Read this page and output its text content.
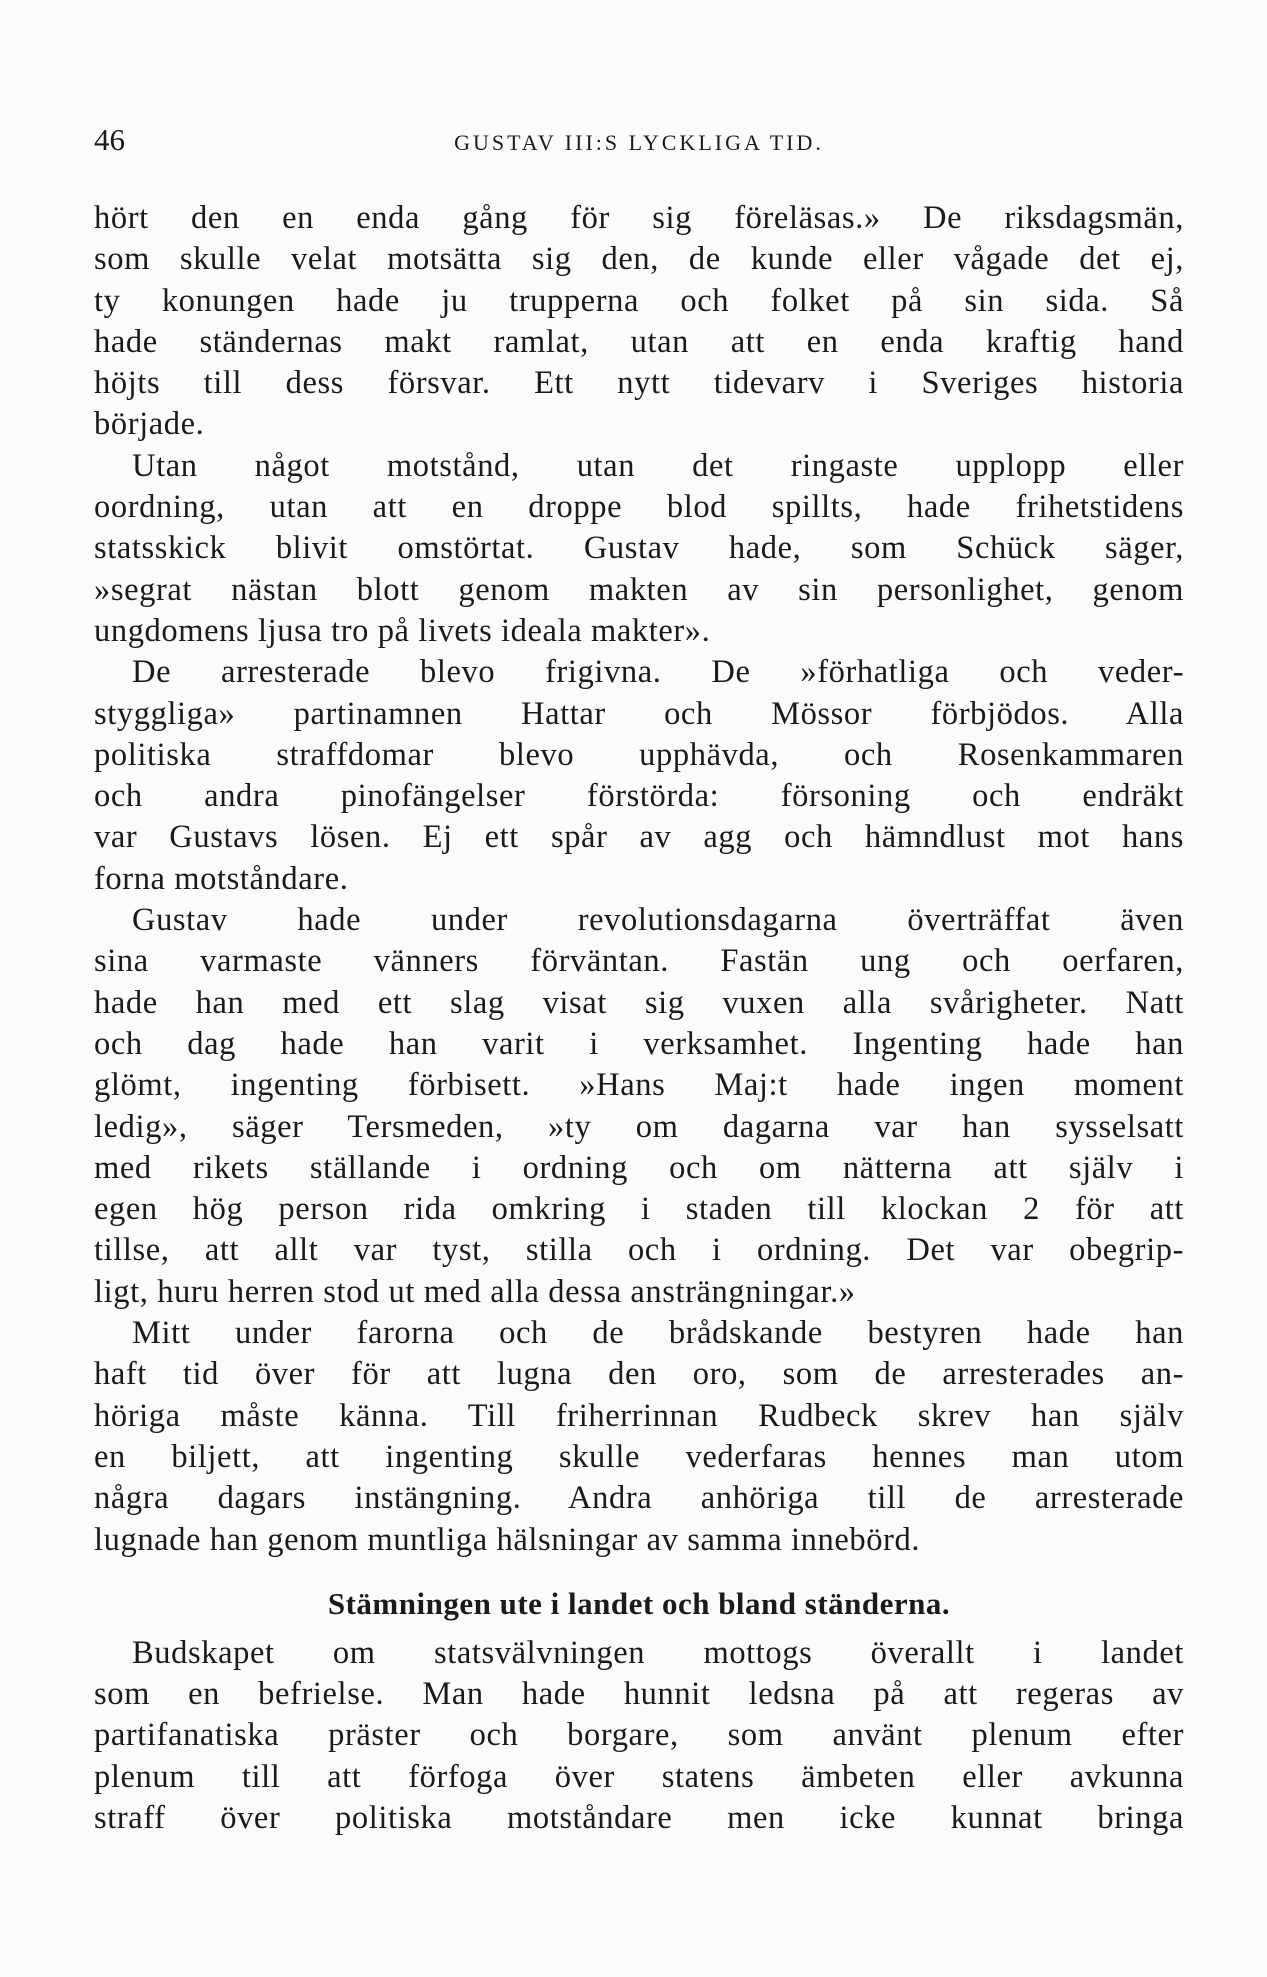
46	GUSTAV III:S LYCKLIGA TID.
hört den en enda gång för sig föreläsas.» De riksdagsmän,
som skulle velat motsätta sig den, de kunde eller vågade det ej,
ty konungen hade ju trupperna och folket på sin sida. Så
hade ständernas makt ramlat, utan att en enda kraftig hand
höjts till dess försvar. Ett nytt tidevarv i Sveriges historia
började.
Utan något motstånd, utan det ringaste upplopp eller
oordning, utan att en droppe blod spillts, hade frihetstidens
statsskick blivit omstörtat. Gustav hade, som Schück säger,
»segrat nästan blott genom makten av sin personlighet, genom
ungdomens ljusa tro på livets ideala makter».
De arresterade blevo frigivna. De »förhatliga och veder-
styggliga» partinamnen Hattar och Mössor förbjödos. Alla
politiska straffdomar blevo upphävda, och Rosenkammaren
och andra pinofängelser förstörda: försoning och endräkt
var Gustavs lösen. Ej ett spår av agg och hämndlust mot hans
forna motståndare.
Gustav hade under revolutionsdagarna överträffat även
sina varmaste vänners förväntan. Fastän ung och oerfaren,
hade han med ett slag visat sig vuxen alla svårigheter. Natt
och dag hade han varit i verksamhet. Ingenting hade han
glömt, ingenting förbisett. »Hans Maj:t hade ingen moment
ledig», säger Tersmeden, »ty om dagarna var han sysselsatt
med rikets ställande i ordning och om nätterna att själv i
egen hög person rida omkring i staden till klockan 2 för att
tillse, att allt var tyst, stilla och i ordning. Det var obegrip-
ligt, huru herren stod ut med alla dessa ansträngningar.»
Mitt under farorna och de brådskande bestyren hade han
haft tid över för att lugna den oro, som de arresterades an-
höriga måste känna. Till friherrinnan Rudbeck skrev han själv
en biljett, att ingenting skulle vederfaras hennes man utom
några dagars instängning. Andra anhöriga till de arresterade
lugnade han genom muntliga hälsningar av samma innebörd.
Stämningen ute i landet och bland ständerna.
Budskapet om statsvälvningen mottogs överallt i landet
som en befrielse. Man hade hunnit ledsna på att regeras av
partifanatiska präster och borgare, som använt plenum efter
plenum till att förfoga över statens ämbeten eller avkunna
straff över politiska motståndare men icke kunnat bringa
